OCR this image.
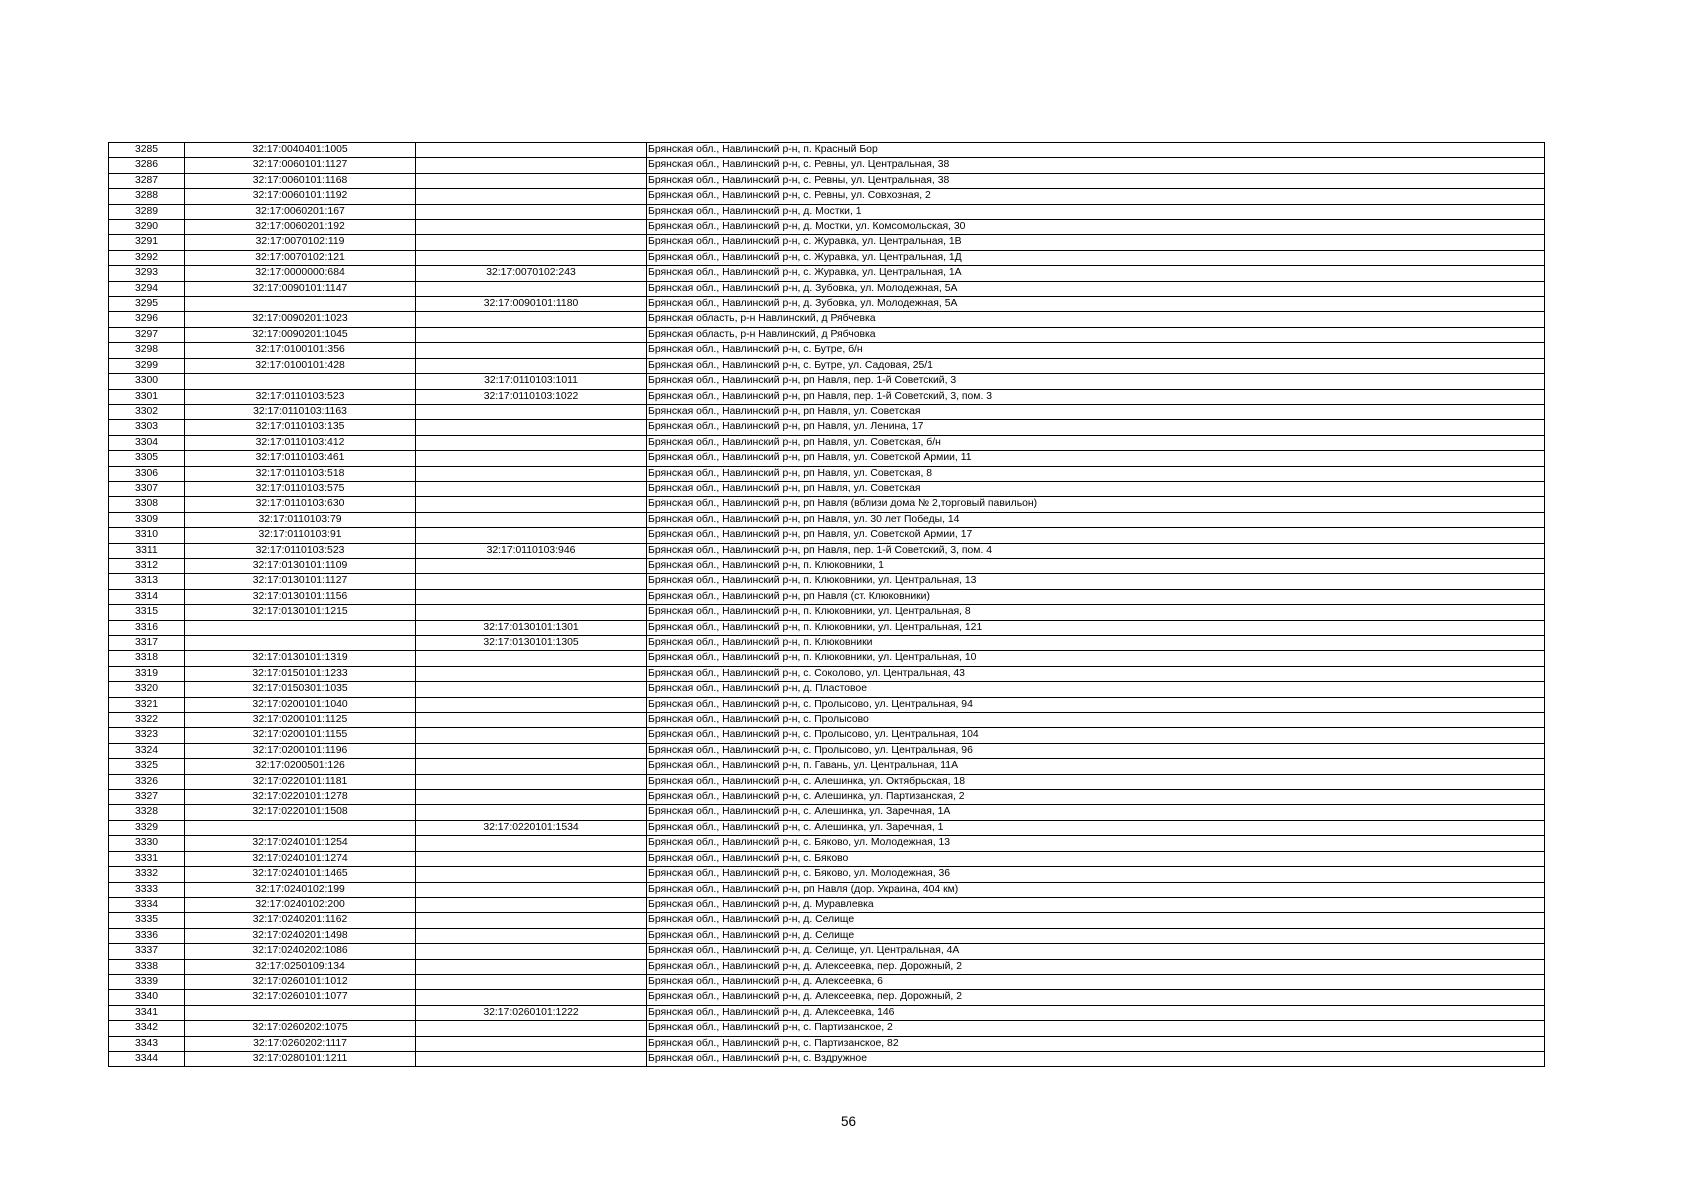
3285	32:17:0040401:1005		Брянская обл., Навлинский р-н, п. Красный Бор
3286	32:17:0060101:1127		Брянская обл., Навлинский р-н, с. Ревны, ул. Центральная, 38
3287	32:17:0060101:1168		Брянская обл., Навлинский р-н, с. Ревны, ул. Центральная, 38
3288	32:17:0060101:1192		Брянская обл., Навлинский р-н, с. Ревны, ул. Совхозная, 2
3289	32:17:0060201:167		Брянская обл., Навлинский р-н, д. Мостки, 1
3290	32:17:0060201:192		Брянская обл., Навлинский р-н, д. Мостки, ул. Комсомольская, 30
3291	32:17:0070102:119		Брянская обл., Навлинский р-н, с. Журавка, ул. Центральная, 1В
3292	32:17:0070102:121		Брянская обл., Навлинский р-н, с. Журавка, ул. Центральная, 1Д
3293	32:17:0000000:684	32:17:0070102:243	Брянская обл., Навлинский р-н, с. Журавка, ул. Центральная, 1А
3294	32:17:0090101:1147		Брянская обл., Навлинский р-н, д. Зубовка, ул. Молодежная, 5А
3295		32:17:0090101:1180	Брянская обл., Навлинский р-н, д. Зубовка, ул. Молодежная, 5А
3296	32:17:0090201:1023		Брянская область, р-н Навлинский, д Рябчевка
3297	32:17:0090201:1045		Брянская область, р-н Навлинский, д Рябчовка
3298	32:17:0100101:356		Брянская обл., Навлинский р-н, с. Бутре, б/н
3299	32:17:0100101:428		Брянская обл., Навлинский р-н, с. Бутре, ул. Садовая, 25/1
3300		32:17:0110103:1011	Брянская обл., Навлинский р-н, рп Навля, пер. 1-й Советский, 3
3301	32:17:0110103:523	32:17:0110103:1022	Брянская обл., Навлинский р-н, рп Навля, пер. 1-й Советский, 3, пом. 3
3302	32:17:0110103:1163		Брянская обл., Навлинский р-н, рп Навля, ул. Советская
3303	32:17:0110103:135		Брянская обл., Навлинский р-н, рп Навля, ул. Ленина, 17
3304	32:17:0110103:412		Брянская обл., Навлинский р-н, рп Навля, ул. Советская, б/н
3305	32:17:0110103:461		Брянская обл., Навлинский р-н, рп Навля, ул. Советской Армии, 11
3306	32:17:0110103:518		Брянская обл., Навлинский р-н, рп Навля, ул. Советская, 8
3307	32:17:0110103:575		Брянская обл., Навлинский р-н, рп Навля, ул. Советская
3308	32:17:0110103:630		Брянская обл., Навлинский р-н, рп Навля (вблизи дома № 2,торговый павильон)
3309	32:17:0110103:79		Брянская обл., Навлинский р-н, рп Навля, ул. 30 лет Победы, 14
3310	32:17:0110103:91		Брянская обл., Навлинский р-н, рп Навля, ул. Советской Армии, 17
3311	32:17:0110103:523	32:17:0110103:946	Брянская обл., Навлинский р-н, рп Навля, пер. 1-й Советский, 3, пом. 4
3312	32:17:0130101:1109		Брянская обл., Навлинский р-н, п. Клюковники, 1
3313	32:17:0130101:1127		Брянская обл., Навлинский р-н, п. Клюковники, ул. Центральная, 13
3314	32:17:0130101:1156		Брянская обл., Навлинский р-н, рп Навля (ст. Клюковники)
3315	32:17:0130101:1215		Брянская обл., Навлинский р-н, п. Клюковники, ул. Центральная, 8
3316		32:17:0130101:1301	Брянская обл., Навлинский р-н, п. Клюковники, ул. Центральная, 121
3317		32:17:0130101:1305	Брянская обл., Навлинский р-н, п. Клюковники
3318	32:17:0130101:1319		Брянская обл., Навлинский р-н, п. Клюковники, ул. Центральная, 10
3319	32:17:0150101:1233		Брянская обл., Навлинский р-н, с. Соколово, ул. Центральная, 43
3320	32:17:0150301:1035		Брянская обл., Навлинский р-н, д. Пластовое
3321	32:17:0200101:1040		Брянская обл., Навлинский р-н, с. Пролысово, ул. Центральная, 94
3322	32:17:0200101:1125		Брянская обл., Навлинский р-н, с. Пролысово
3323	32:17:0200101:1155		Брянская обл., Навлинский р-н, с. Пролысово, ул. Центральная, 104
3324	32:17:0200101:1196		Брянская обл., Навлинский р-н, с. Пролысово, ул. Центральная, 96
3325	32:17:0200501:126		Брянская обл., Навлинский р-н, п. Гавань, ул. Центральная, 11А
3326	32:17:0220101:1181		Брянская обл., Навлинский р-н, с. Алешинка, ул. Октябрьская, 18
3327	32:17:0220101:1278		Брянская обл., Навлинский р-н, с. Алешинка, ул. Партизанская, 2
3328	32:17:0220101:1508		Брянская обл., Навлинский р-н, с. Алешинка, ул. Заречная, 1А
3329		32:17:0220101:1534	Брянская обл., Навлинский р-н, с. Алешинка, ул. Заречная, 1
3330	32:17:0240101:1254		Брянская обл., Навлинский р-н, с. Бяково, ул. Молодежная, 13
3331	32:17:0240101:1274		Брянская обл., Навлинский р-н, с. Бяково
3332	32:17:0240101:1465		Брянская обл., Навлинский р-н, с. Бяково, ул. Молодежная, 36
3333	32:17:0240102:199		Брянская обл., Навлинский р-н, рп Навля (дор. Украина, 404 км)
3334	32:17:0240102:200		Брянская обл., Навлинский р-н, д. Муравлевка
3335	32:17:0240201:1162		Брянская обл., Навлинский р-н, д. Селище
3336	32:17:0240201:1498		Брянская обл., Навлинский р-н, д. Селище
3337	32:17:0240202:1086		Брянская обл., Навлинский р-н, д. Селище, ул. Центральная, 4А
3338	32:17:0250109:134		Брянская обл., Навлинский р-н, д. Алексеевка, пер. Дорожный, 2
3339	32:17:0260101:1012		Брянская обл., Навлинский р-н, д. Алексеевка, 6
3340	32:17:0260101:1077		Брянская обл., Навлинский р-н, д. Алексеевка, пер. Дорожный, 2
3341		32:17:0260101:1222	Брянская обл., Навлинский р-н, д. Алексеевка, 146
3342	32:17:0260202:1075		Брянская обл., Навлинский р-н, с. Партизанское, 2
3343	32:17:0260202:1117		Брянская обл., Навлинский р-н, с. Партизанское, 82
3344	32:17:0280101:1211		Брянская обл., Навлинский р-н, с. Вздружное
56
